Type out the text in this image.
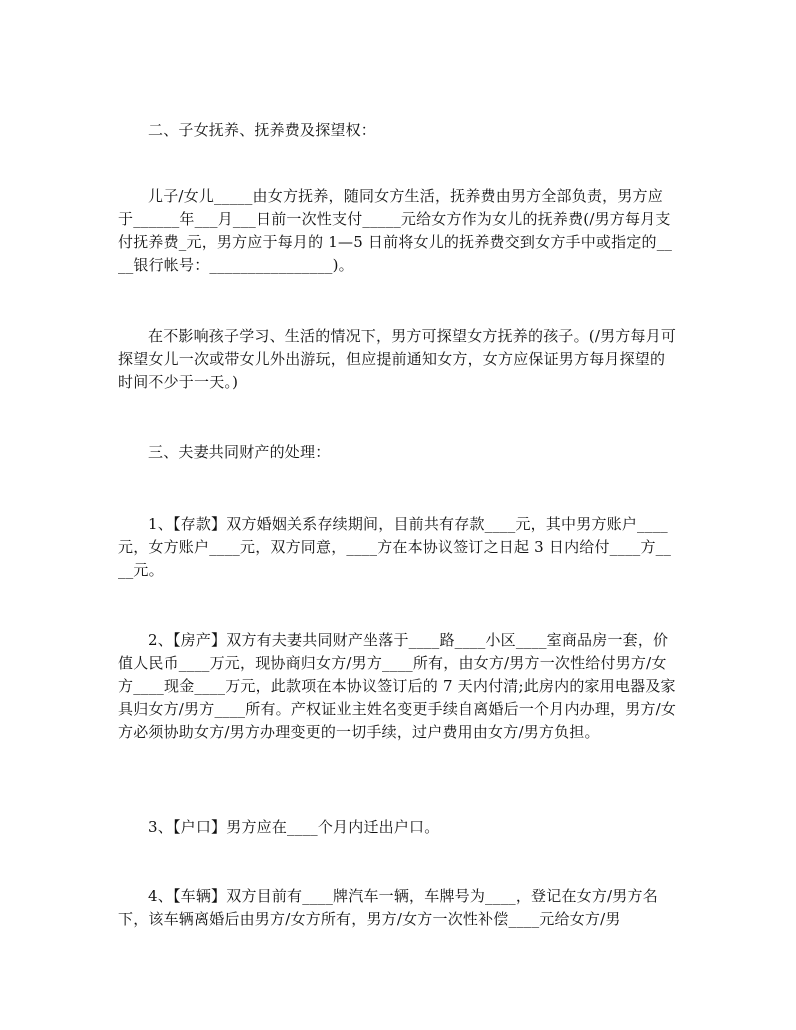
二、子女抚养、抚养费及探望权：

儿子/女儿_____由女方抚养，随同女方生活，抚养费由男方全部负责，男方应于______年___月___日前一次性支付_____元给女方作为女儿的抚养费(/男方每月支付抚养费_元，男方应于每月的 1—5 日前将女儿的抚养费交到女方手中或指定的____银行帐号：________________)。

在不影响孩子学习、生活的情况下，男方可探望女方抚养的孩子。(/男方每月可探望女儿一次或带女儿外出游玩，但应提前通知女方，女方应保证男方每月探望的时间不少于一天。)

三、夫妻共同财产的处理：

1、【存款】双方婚姻关系存续期间，目前共有存款____元，其中男方账户____元，女方账户____元，双方同意，____方在本协议签订之日起 3 日内给付____方____元。

2、【房产】双方有夫妻共同财产坐落于____路____小区____室商品房一套，价值人民币____万元，现协商归女方/男方____所有，由女方/男方一次性给付男方/女方____现金____万元，此款项在本协议签订后的 7 天内付清;此房内的家用电器及家具归女方/男方____所有。产权证业主姓名变更手续自离婚后一个月内办理，男方/女方必须协助女方/男方办理变更的一切手续，过户费用由女方/男方负担。

3、【户口】男方应在____个月内迁出户口。

4、【车辆】双方目前有____牌汽车一辆，车牌号为____，登记在女方/男方名下，该车辆离婚后由男方/女方所有，男方/女方一次性补偿____元给女方/男
